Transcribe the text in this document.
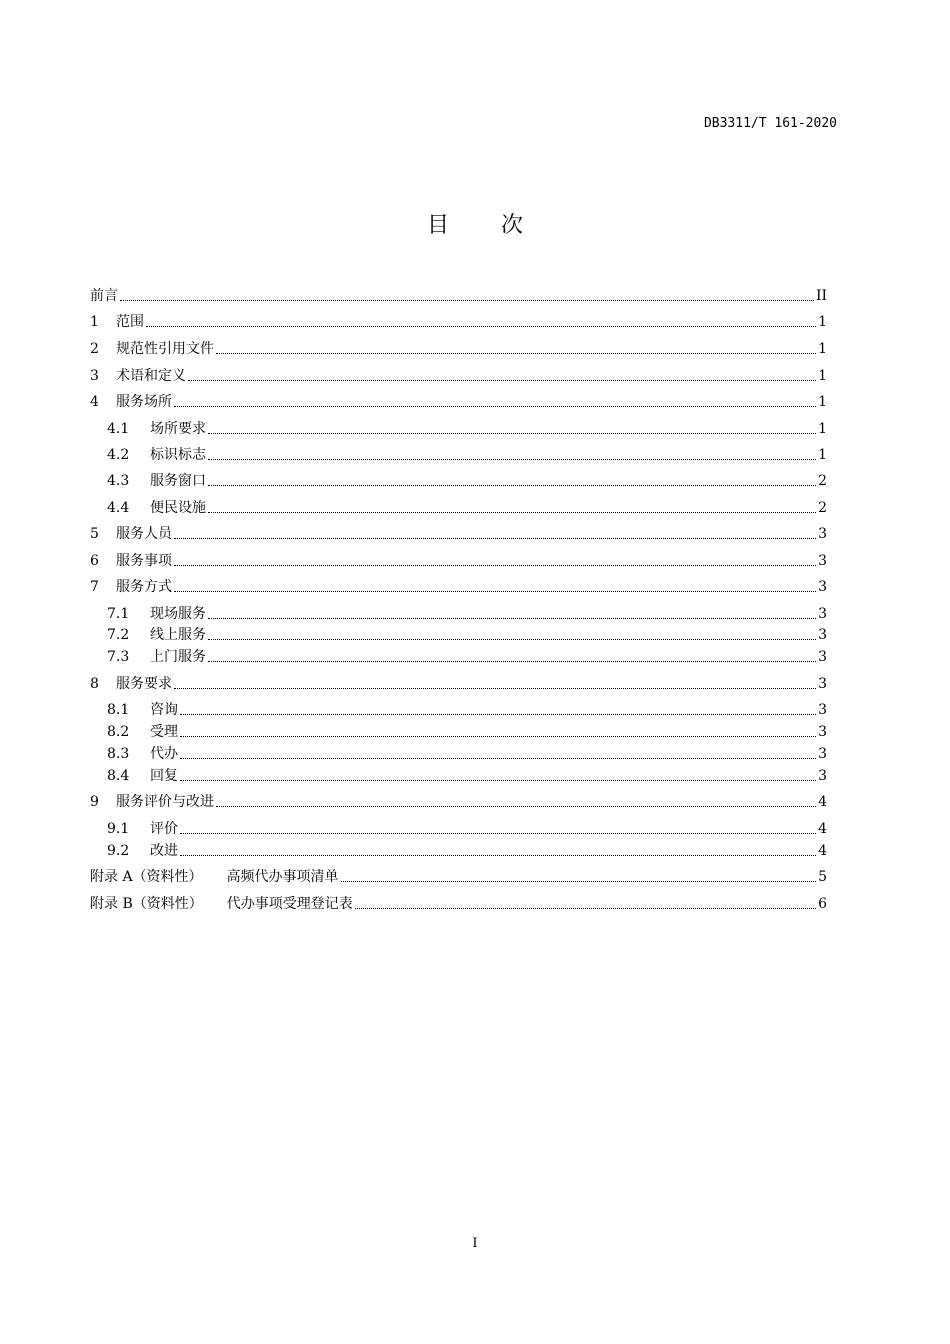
DB3311/T 161-2020
目次
前言	II
1	范围	1
2	规范性引用文件	1
3	术语和定义	1
4	服务场所	1
4.1	场所要求	1
4.2	标识标志	1
4.3	服务窗口	2
4.4	便民设施	2
5	服务人员	3
6	服务事项	3
7	服务方式	3
7.1	现场服务	3
7.2	线上服务	3
7.3	上门服务	3
8	服务要求	3
8.1	咨询	3
8.2	受理	3
8.3	代办	3
8.4	回复	3
9	服务评价与改进	4
9.1	评价	4
9.2	改进	4
附录 A（资料性） 高频代办事项清单	5
附录 B（资料性） 代办事项受理登记表	6
I
